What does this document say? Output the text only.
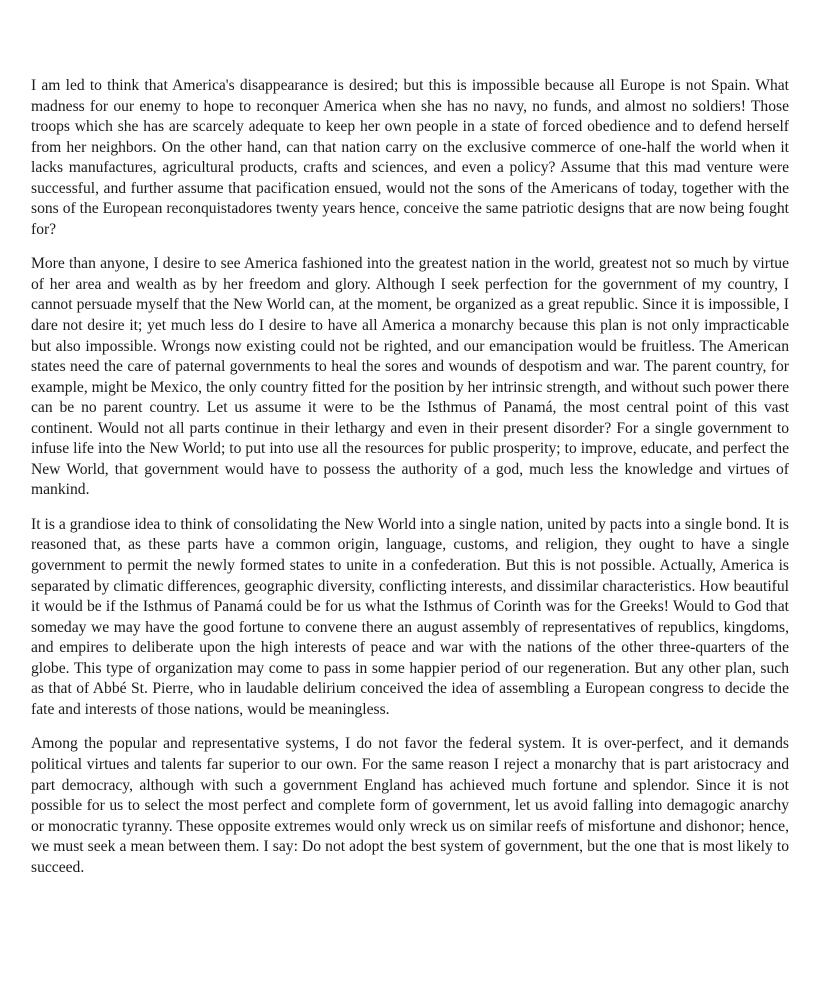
I am led to think that America's disappearance is desired; but this is impossible because all Europe is not Spain. What madness for our enemy to hope to reconquer America when she has no navy, no funds, and almost no soldiers! Those troops which she has are scarcely adequate to keep her own people in a state of forced obedience and to defend herself from her neighbors. On the other hand, can that nation carry on the exclusive commerce of one-half the world when it lacks manufactures, agricultural products, crafts and sciences, and even a policy? Assume that this mad venture were successful, and further assume that pacification ensued, would not the sons of the Americans of today, together with the sons of the European reconquistadores twenty years hence, conceive the same patriotic designs that are now being fought for?

More than anyone, I desire to see America fashioned into the greatest nation in the world, greatest not so much by virtue of her area and wealth as by her freedom and glory. Although I seek perfection for the government of my country, I cannot persuade myself that the New World can, at the moment, be organized as a great republic. Since it is impossible, I dare not desire it; yet much less do I desire to have all America a monarchy because this plan is not only impracticable but also impossible. Wrongs now existing could not be righted, and our emancipation would be fruitless. The American states need the care of paternal governments to heal the sores and wounds of despotism and war. The parent country, for example, might be Mexico, the only country fitted for the position by her intrinsic strength, and without such power there can be no parent country. Let us assume it were to be the Isthmus of Panamá, the most central point of this vast continent. Would not all parts continue in their lethargy and even in their present disorder? For a single government to infuse life into the New World; to put into use all the resources for public prosperity; to improve, educate, and perfect the New World, that government would have to possess the authority of a god, much less the knowledge and virtues of mankind.

It is a grandiose idea to think of consolidating the New World into a single nation, united by pacts into a single bond. It is reasoned that, as these parts have a common origin, language, customs, and religion, they ought to have a single government to permit the newly formed states to unite in a confederation. But this is not possible. Actually, America is separated by climatic differences, geographic diversity, conflicting interests, and dissimilar characteristics. How beautiful it would be if the Isthmus of Panamá could be for us what the Isthmus of Corinth was for the Greeks! Would to God that someday we may have the good fortune to convene there an august assembly of representatives of republics, kingdoms, and empires to deliberate upon the high interests of peace and war with the nations of the other three-quarters of the globe. This type of organization may come to pass in some happier period of our regeneration. But any other plan, such as that of Abbé St. Pierre, who in laudable delirium conceived the idea of assembling a European congress to decide the fate and interests of those nations, would be meaningless.

Among the popular and representative systems, I do not favor the federal system. It is over-perfect, and it demands political virtues and talents far superior to our own. For the same reason I reject a monarchy that is part aristocracy and part democracy, although with such a government England has achieved much fortune and splendor. Since it is not possible for us to select the most perfect and complete form of government, let us avoid falling into demagogic anarchy or monocratic tyranny. These opposite extremes would only wreck us on similar reefs of misfortune and dishonor; hence, we must seek a mean between them. I say: Do not adopt the best system of government, but the one that is most likely to succeed.
